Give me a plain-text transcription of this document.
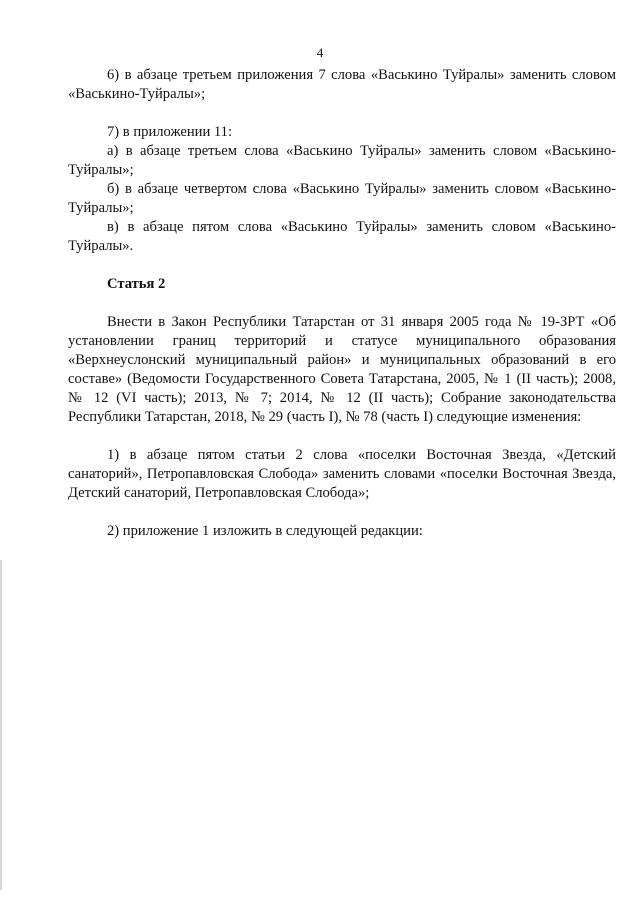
4

6) в абзаце третьем приложения 7 слова «Васькино Туйралы» заменить словом «Васькино-Туйралы»;

7) в приложении 11:

а) в абзаце третьем слова «Васькино Туйралы» заменить словом «Васькино-Туйралы»;

б) в абзаце четвертом слова «Васькино Туйралы» заменить словом «Васькино-Туйралы»;

в) в абзаце пятом слова «Васькино Туйралы» заменить словом «Васькино-Туйралы».

Статья 2

Внести в Закон Республики Татарстан от 31 января 2005 года № 19-ЗРТ «Об установлении границ территорий и статусе муниципального образования «Верхнеуслонский муниципальный район» и муниципальных образований в его составе» (Ведомости Государственного Совета Татарстана, 2005, № 1 (II часть); 2008, № 12 (VI часть); 2013, № 7; 2014, № 12 (II часть); Собрание законодательства Республики Татарстан, 2018, № 29 (часть I), № 78 (часть I) следующие изменения:

1) в абзаце пятом статьи 2 слова «поселки Восточная Звезда, «Детский санаторий», Петропавловская Слобода» заменить словами «поселки Восточная Звезда, Детский санаторий, Петропавловская Слобода»;

2) приложение 1 изложить в следующей редакции:
